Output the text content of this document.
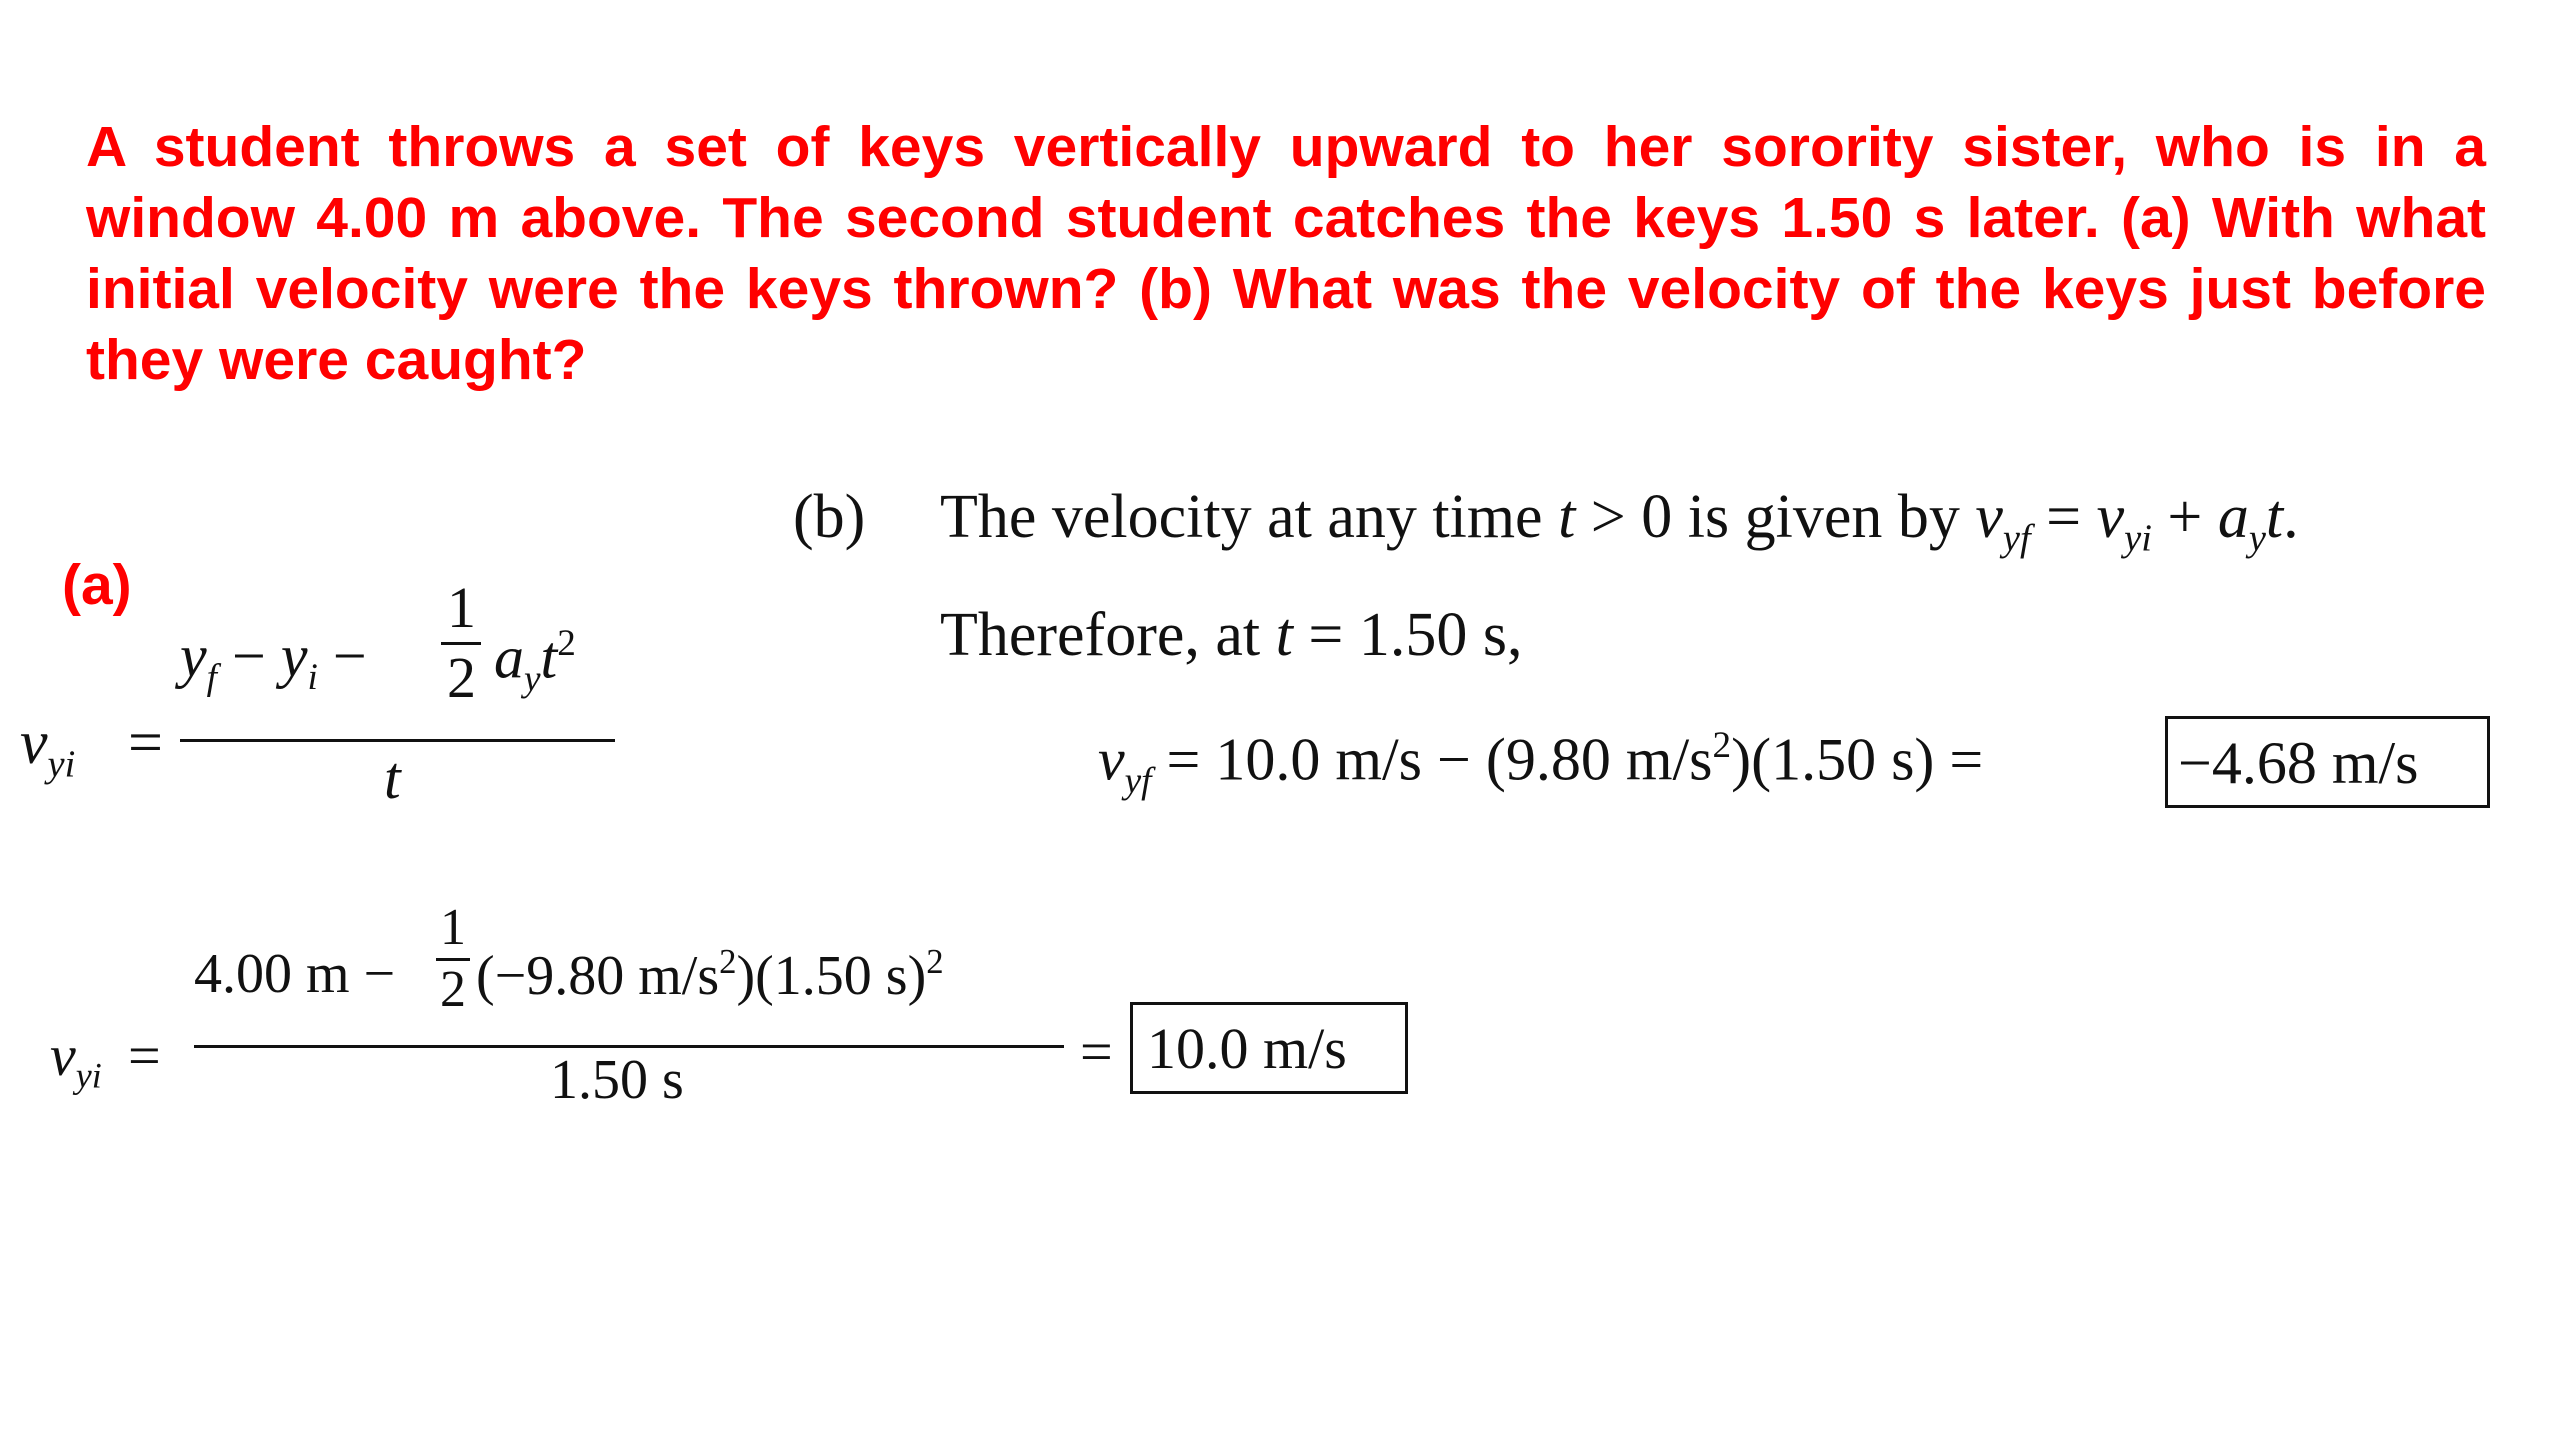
A student throws a set of keys vertically upward to her sorority sister, who is in a window 4.00 m above. The second student catches the keys 1.50 s later. (a) With what initial velocity were the keys thrown? (b) What was the velocity of the keys just before they were caught?
(a)
$v_{yi}$ =
$y_f - y_i$ −
1
2 $a_yt^2$
t
$v_{yi}$ =
4.00 m −
1
2 (−9.80 $m/s^2)(1.50$ s)$^2$
1.50 s	= 10.0 m/s
(b) The velocity at any time t > 0 is given by $v_{yf} = v_{yi} + a_yt$.
Therefore, at t = 1.50 s,
$v_{yf} = 10.0$ m/s − (9.80 $m/s^2)(1.50$ s) =	−4.68 m/s
